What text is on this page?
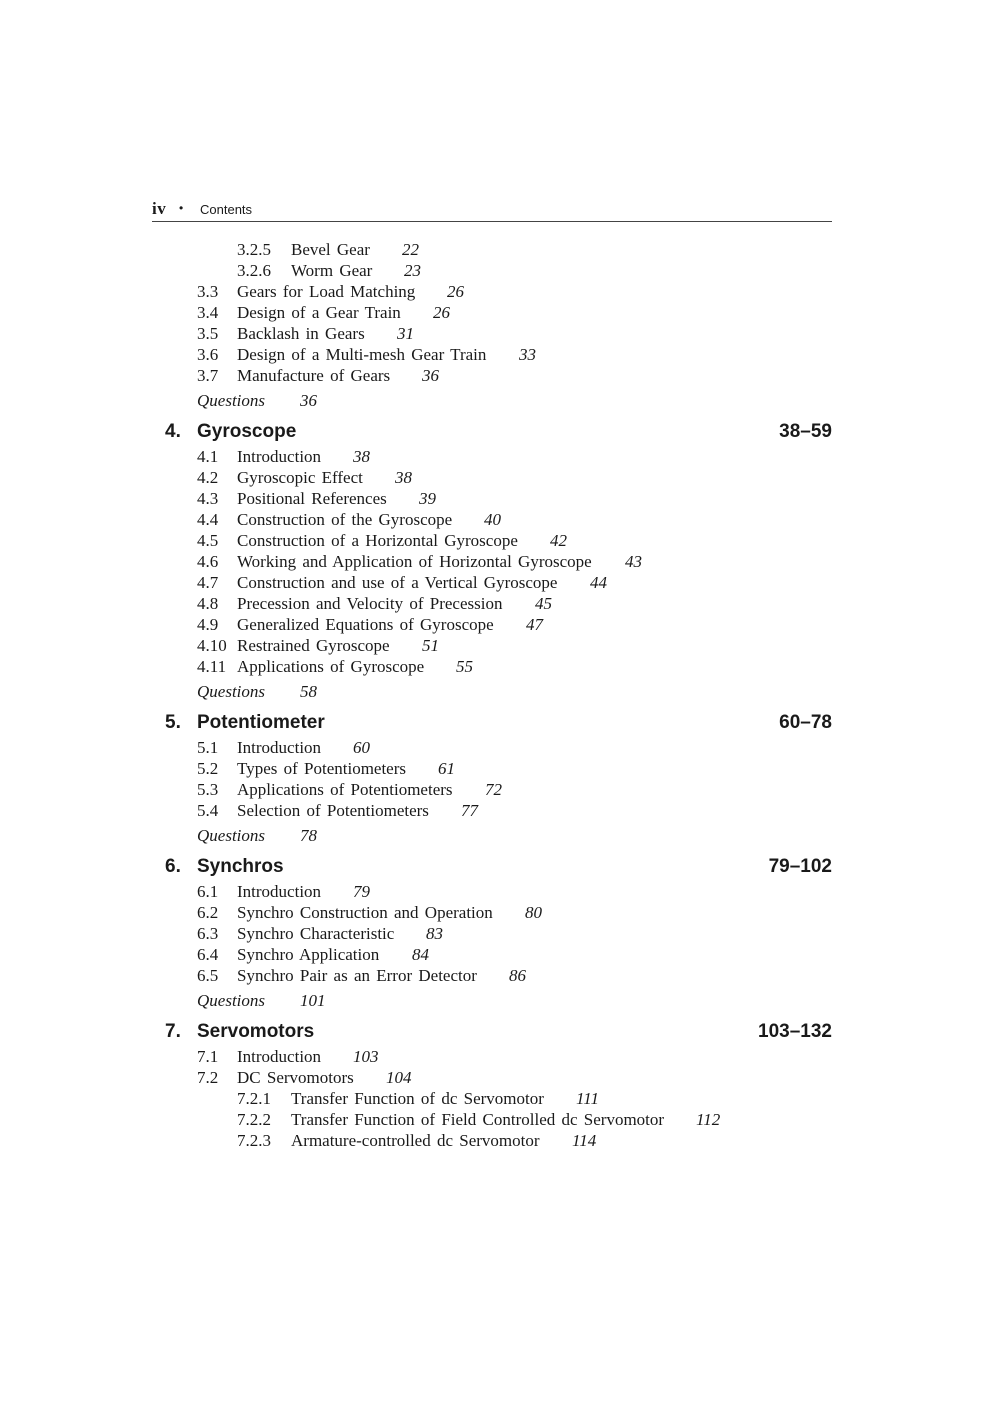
iv • Contents
3.2.5 Bevel Gear 22
3.2.6 Worm Gear 23
3.3 Gears for Load Matching 26
3.4 Design of a Gear Train 26
3.5 Backlash in Gears 31
3.6 Design of a Multi-mesh Gear Train 33
3.7 Manufacture of Gears 36
Questions 36
4. Gyroscope	38–59
4.1 Introduction 38
4.2 Gyroscopic Effect 38
4.3 Positional References 39
4.4 Construction of the Gyroscope 40
4.5 Construction of a Horizontal Gyroscope 42
4.6 Working and Application of Horizontal Gyroscope 43
4.7 Construction and use of a Vertical Gyroscope 44
4.8 Precession and Velocity of Precession 45
4.9 Generalized Equations of Gyroscope 47
4.10 Restrained Gyroscope 51
4.11 Applications of Gyroscope 55
Questions 58
5. Potentiometer	60–78
5.1 Introduction 60
5.2 Types of Potentiometers 61
5.3 Applications of Potentiometers 72
5.4 Selection of Potentiometers 77
Questions 78
6. Synchros	79–102
6.1 Introduction 79
6.2 Synchro Construction and Operation 80
6.3 Synchro Characteristic 83
6.4 Synchro Application 84
6.5 Synchro Pair as an Error Detector 86
Questions 101
7. Servomotors	103–132
7.1 Introduction 103
7.2 DC Servomotors 104
7.2.1 Transfer Function of dc Servomotor 111
7.2.2 Transfer Function of Field Controlled dc Servomotor 112
7.2.3 Armature-controlled dc Servomotor 114
